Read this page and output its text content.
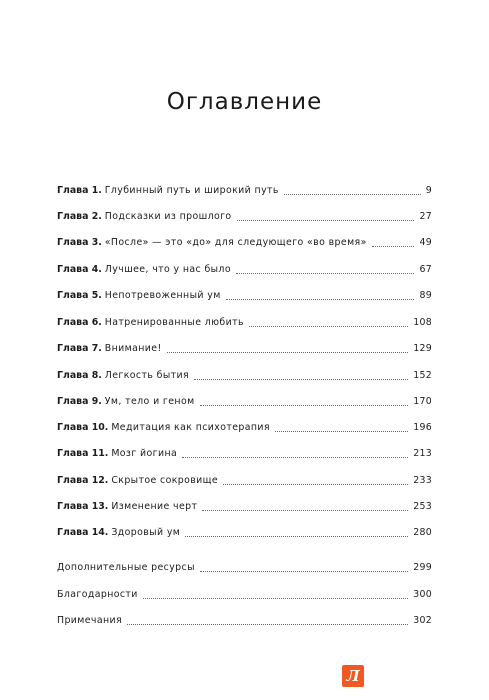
Оглавление
Глава 1. Глубинный путь и широкий путь	9
Глава 2. Подсказки из прошлого	27
Глава 3. «После» — это «до» для следующего «во время»	49
Глава 4. Лучшее, что у нас было	67
Глава 5. Непотревоженный ум	89
Глава 6. Натренированные любить	108
Глава 7. Внимание!	129
Глава 8. Легкость бытия	152
Глава 9. Ум, тело и геном	170
Глава 10. Медитация как психотерапия	196
Глава 11. Мозг йогина	213
Глава 12. Скрытое сокровище	233
Глава 13. Изменение черт	253
Глава 14. Здоровый ум	280
Дополнительные ресурсы	299
Благодарности	300
Примечания	302
Л
